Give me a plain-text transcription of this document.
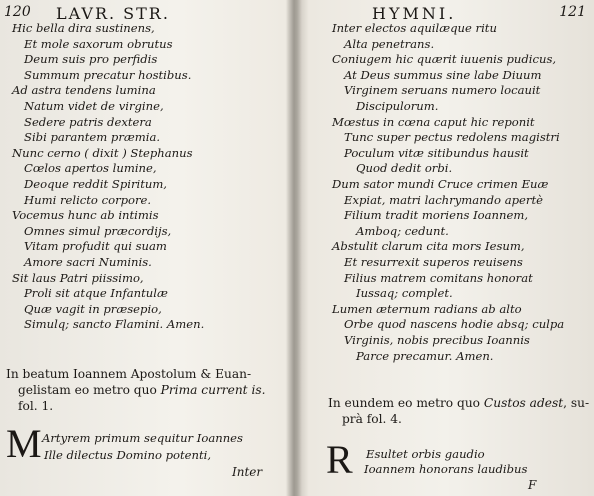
120 LAVR. STR.
Hic bella dira sustinens,
Et mole saxorum obrutus
Deum suis pro perfidis
Summum precatur hostibus.
Ad astra tendens lumina
Natum videt de virgine,
Sedere patris dextera
Sibi parantem præmia.
Nunc cerno ( dixit ) Stephanus
Cœlos apertos lumine,
Deoque reddit Spiritum,
Humi relicto corpore.
Vocemus hunc ab intimis
Omnes simul præcordijs,
Vitam profudit qui suam
Amore sacri Numinis.
Sit laus Patri piissimo,
Proli sit atque Infantulæ
Quæ vagit in præsepio,
Simulq; sancto Flamini. Amen.
In beatum Ioannem Apostolum & Euan-
gelistam eo metro quo Prima current is.
fol. 1.
M Artyrem primum sequitur Ioannes
Ille dilectus Domino potenti,
Inter
HYMNI.	121
Inter electos aquilæque ritu
Alta penetrans.
Coniugem hic quærit iuuenis pudicus,
At Deus summus sine labe Diuum
Virginem seruans numero locauit
Discipulorum.
Mœstus in cœna caput hic reponit
Tunc super pectus redolens magistri
Poculum vitæ sitibundus hausit
Quod dedit orbi.
Dum sator mundi Cruce crimen Euæ
Expiat, matri lachrymando apertè
Filium tradit moriens Ioannem,
Amboq; cedunt.
Abstulit clarum cita mors Iesum,
Et resurrexit superos reuisens
Filius matrem comitans honorat
Iussaq; complet.
Lumen æternum radians ab alto
Orbe quod nascens hodie absq; culpa
Virginis, nobis precibus Ioannis
Parce precamur. Amen.
In eundem eo metro quo Custos adest, su-
prà fol. 4.
R Esultet orbis gaudio
Ioannem honorans laudibus
F
